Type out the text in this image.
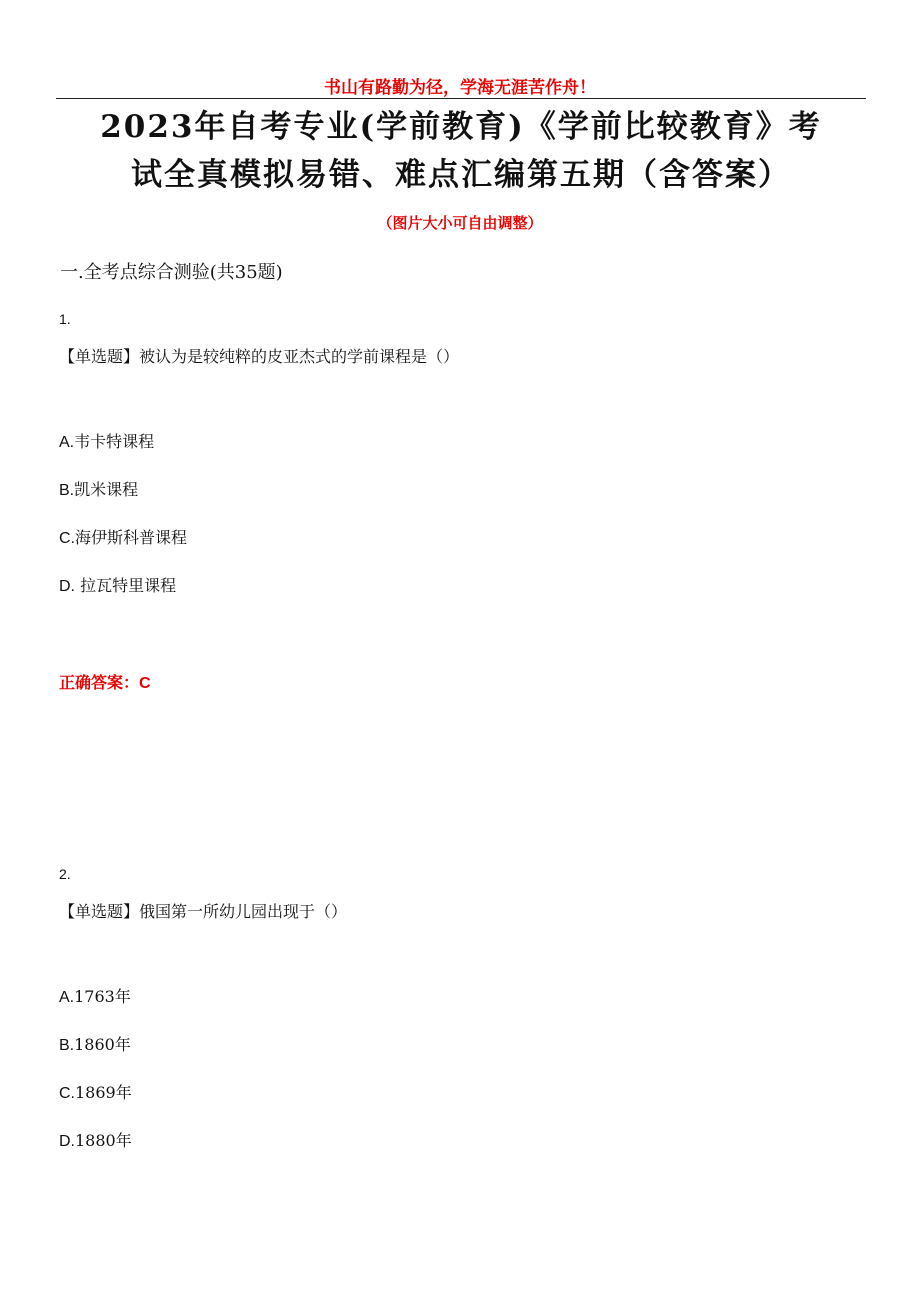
书山有路勤为径，学海无涯苦作舟！
2023年自考专业(学前教育)《学前比较教育》考
试全真模拟易错、难点汇编第五期（含答案）
（图片大小可自由调整）
一.全考点综合测验(共35题)
1.
【单选题】被认为是较纯粹的皮亚杰式的学前课程是（）
A.韦卡特课程
B.凯米课程
C.海伊斯科普课程
D. 拉瓦特里课程
正确答案：C
2.
【单选题】俄国第一所幼儿园出现于（）
A.1763年
B.1860年
C.1869年
D.1880年
